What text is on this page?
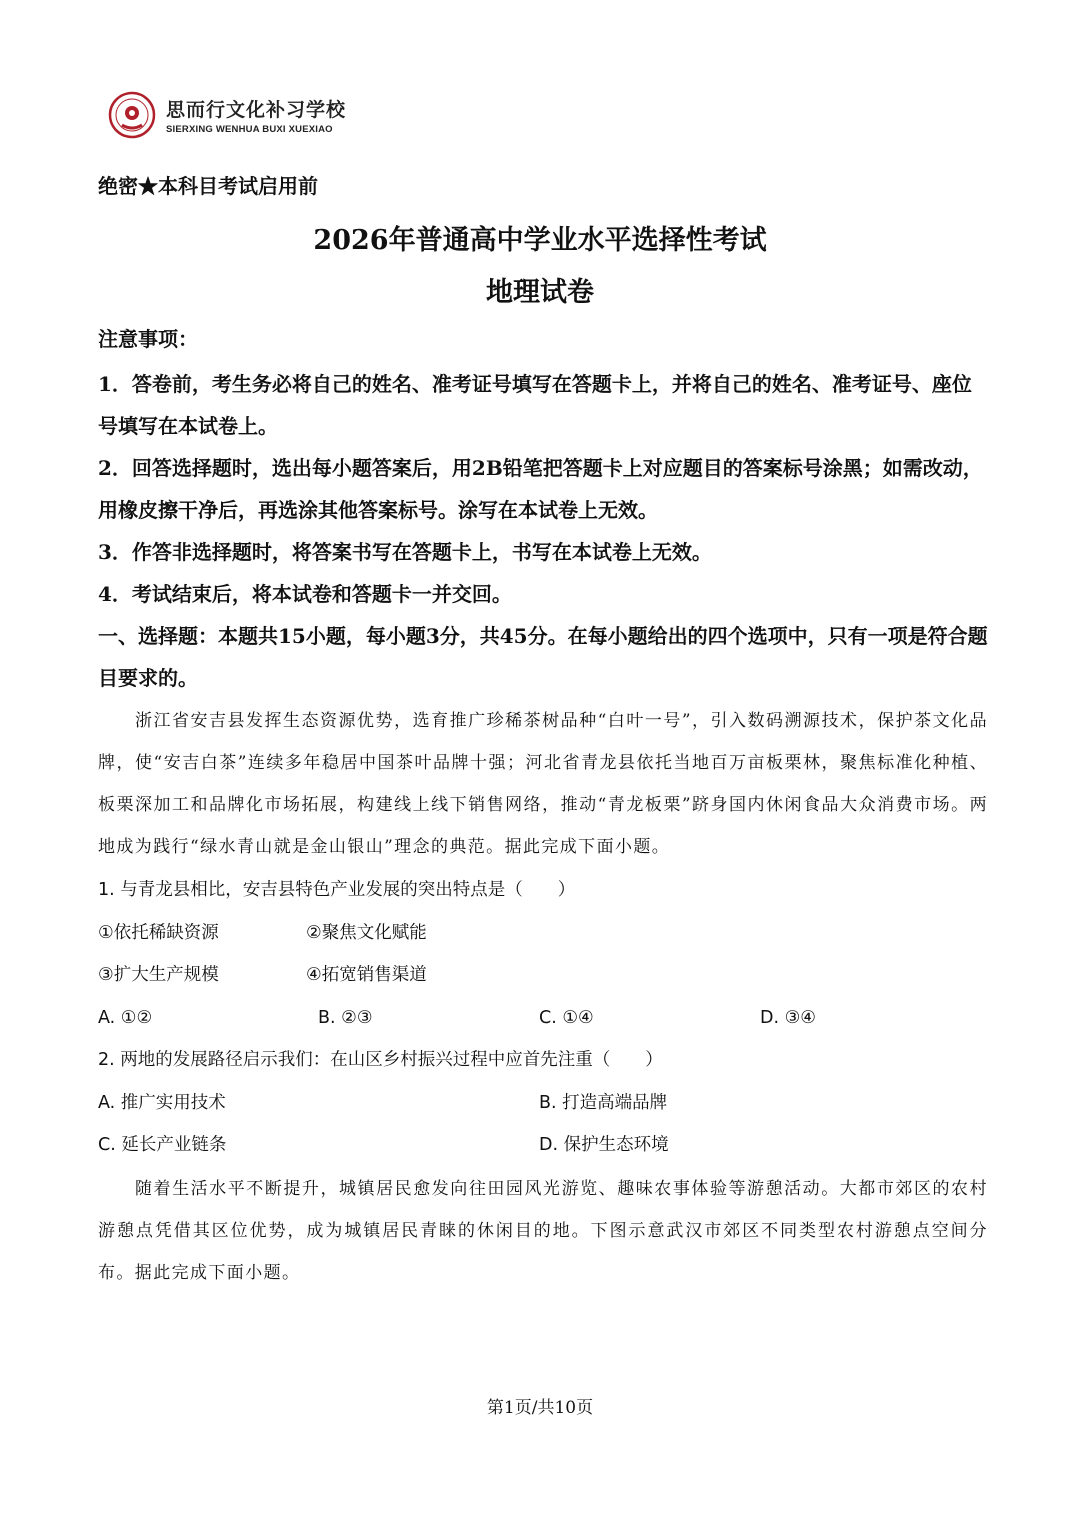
思而行文化补习学校
SIERXING WENHUA BUXI XUEXIAO
绝密★本科目考试启用前
2026年普通高中学业水平选择性考试
地理试卷
注意事项：
1．答卷前，考生务必将自己的姓名、准考证号填写在答题卡上，并将自己的姓名、准考证号、座位号填写在本试卷上。
2．回答选择题时，选出每小题答案后，用2B铅笔把答题卡上对应题目的答案标号涂黑；如需改动，用橡皮擦干净后，再选涂其他答案标号。涂写在本试卷上无效。
3．作答非选择题时，将答案书写在答题卡上，书写在本试卷上无效。
4．考试结束后，将本试卷和答题卡一并交回。
一、选择题：本题共15小题，每小题3分，共45分。在每小题给出的四个选项中，只有一项是符合题目要求的。
浙江省安吉县发挥生态资源优势，选育推广珍稀茶树品种“白叶一号”，引入数码溯源技术，保护茶文化品牌，使“安吉白茶”连续多年稳居中国茶叶品牌十强；河北省青龙县依托当地百万亩板栗林，聚焦标准化种植、板栗深加工和品牌化市场拓展，构建线上线下销售网络，推动“青龙板栗”跻身国内休闲食品大众消费市场。两地成为践行“绿水青山就是金山银山”理念的典范。据此完成下面小题。
1. 与青龙县相比，安吉县特色产业发展的突出特点是（　　）
①依托稀缺资源	②聚焦文化赋能
③扩大生产规模	④拓宽销售渠道
A. ①②	B. ②③	C. ①④	D. ③④
2. 两地的发展路径启示我们：在山区乡村振兴过程中应首先注重（　　）
A. 推广实用技术	B. 打造高端品牌
C. 延长产业链条	D. 保护生态环境
随着生活水平不断提升，城镇居民愈发向往田园风光游览、趣味农事体验等游憩活动。大都市郊区的农村游憩点凭借其区位优势，成为城镇居民青睐的休闲目的地。下图示意武汉市郊区不同类型农村游憩点空间分布。据此完成下面小题。
第1页/共10页
